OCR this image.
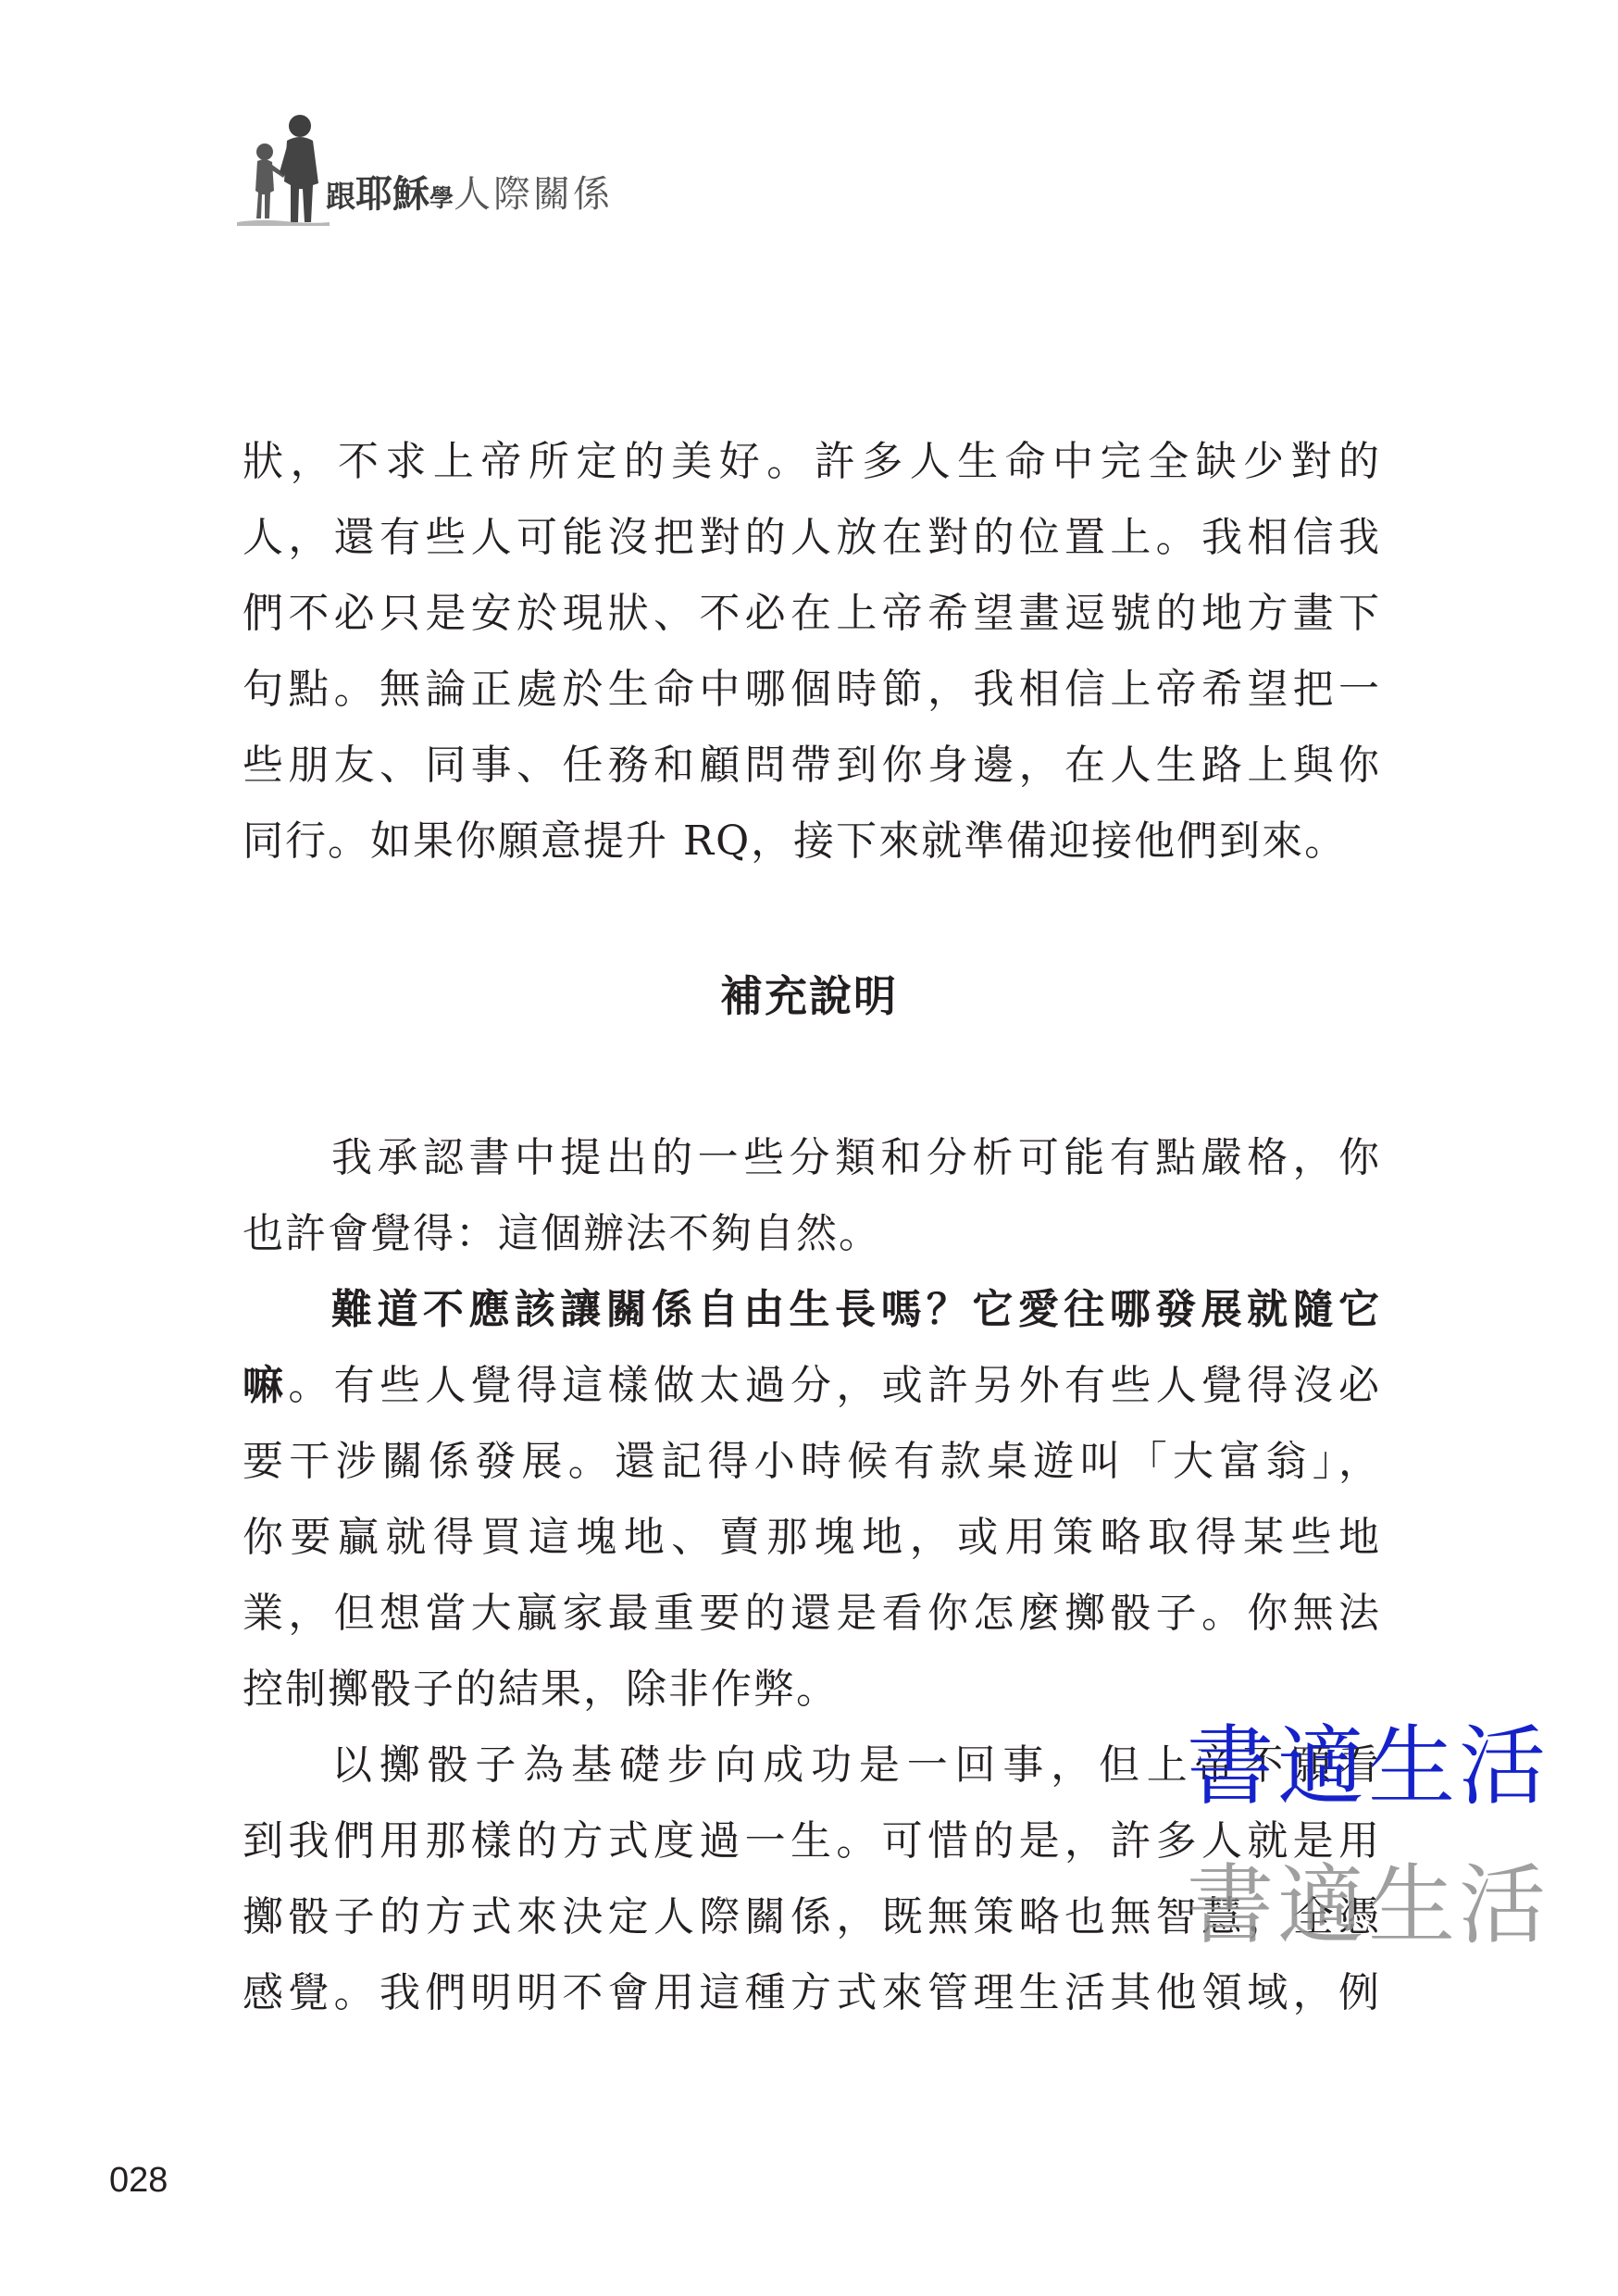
跟耶穌學人際關係
狀，不求上帝所定的美好。許多人生命中完全缺少對的
人，還有些人可能沒把對的人放在對的位置上。我相信我
們不必只是安於現狀、不必在上帝希望畫逗號的地方畫下
句點。無論正處於生命中哪個時節，我相信上帝希望把一
些朋友、同事、任務和顧問帶到你身邊，在人生路上與你
同行。如果你願意提升 RQ，接下來就準備迎接他們到來。
補充說明
我承認書中提出的一些分類和分析可能有點嚴格，你
也許會覺得：這個辦法不夠自然。
難道不應該讓關係自由生長嗎？它愛往哪發展就隨它
嘛。有些人覺得這樣做太過分，或許另外有些人覺得沒必
要干涉關係發展。還記得小時候有款桌遊叫「大富翁」，
你要贏就得買這塊地、賣那塊地，或用策略取得某些地
業，但想當大贏家最重要的還是看你怎麼擲骰子。你無法
控制擲骰子的結果，除非作弊。
以擲骰子為基礎步向成功是一回事，但上帝不願看
到我們用那樣的方式度過一生。可惜的是，許多人就是用
擲骰子的方式來決定人際關係，既無策略也無智慧，全憑
感覺。我們明明不會用這種方式來管理生活其他領域，例
書適生活
書適生活
028
